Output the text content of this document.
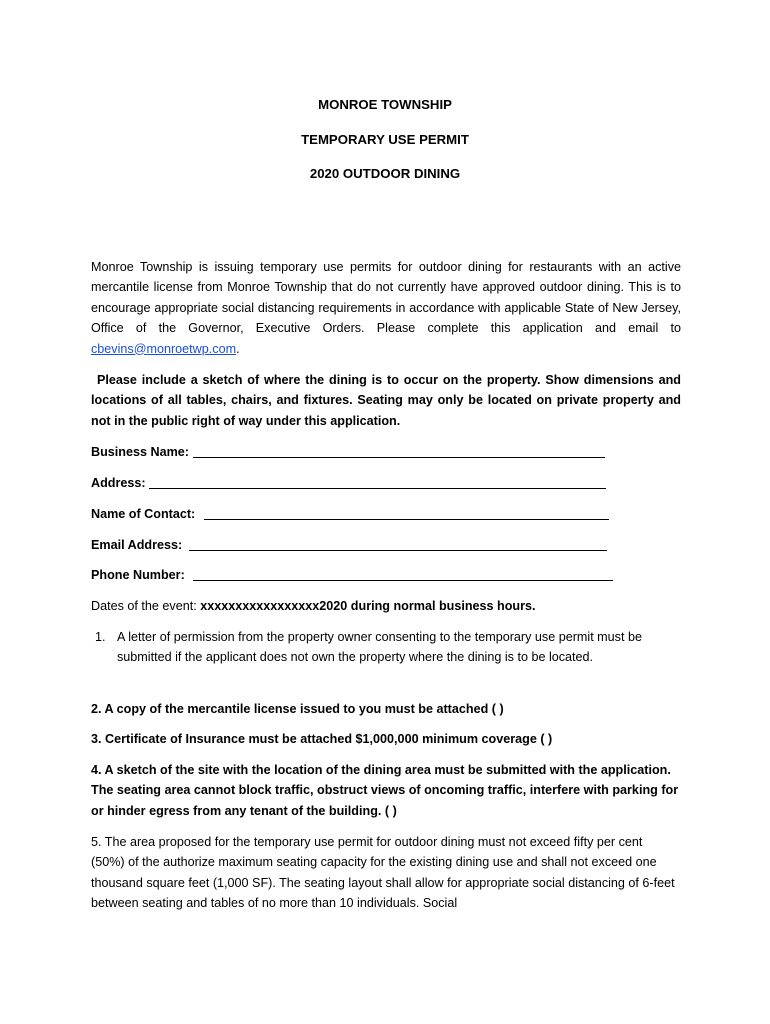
MONROE TOWNSHIP
TEMPORARY USE PERMIT
2020 OUTDOOR DINING
Monroe Township is issuing temporary use permits for outdoor dining for restaurants with an active mercantile license from Monroe Township that do not currently have approved outdoor dining. This is to encourage appropriate social distancing requirements in accordance with applicable State of New Jersey, Office of the Governor, Executive Orders. Please complete this application and email to cbevins@monroetwp.com.
Please include a sketch of where the dining is to occur on the property. Show dimensions and locations of all tables, chairs, and fixtures. Seating may only be located on private property and not in the public right of way under this application.
Business Name:
Address:
Name of Contact:
Email Address:
Phone Number:
Dates of the event: xxxxxxxxxxxxxxxxx2020 during normal business hours.
1. A letter of permission from the property owner consenting to the temporary use permit must be submitted if the applicant does not own the property where the dining is to be located.
2. A copy of the mercantile license issued to you must be attached ( )
3. Certificate of Insurance must be attached $1,000,000 minimum coverage ( )
4. A sketch of the site with the location of the dining area must be submitted with the application. The seating area cannot block traffic, obstruct views of oncoming traffic, interfere with parking for or hinder egress from any tenant of the building. ( )
5. The area proposed for the temporary use permit for outdoor dining must not exceed fifty per cent (50%) of the authorize maximum seating capacity for the existing dining use and shall not exceed one thousand square feet (1,000 SF). The seating layout shall allow for appropriate social distancing of 6-feet between seating and tables of no more than 10 individuals. Social
